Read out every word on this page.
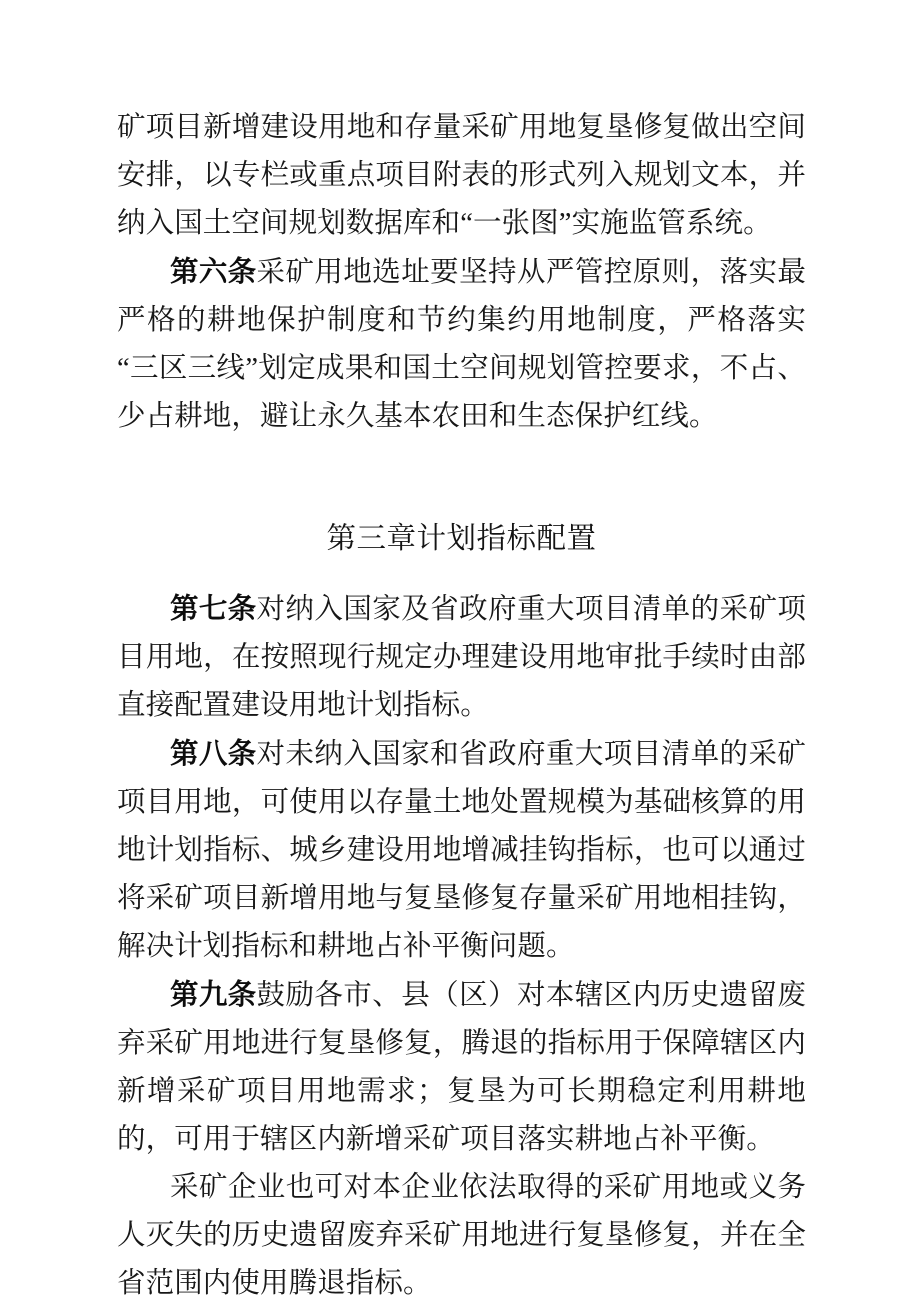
矿项目新增建设用地和存量采矿用地复垦修复做出空间安排，以专栏或重点项目附表的形式列入规划文本，并纳入国土空间规划数据库和“一张图”实施监管系统。

第六条采矿用地选址要坚持从严管控原则，落实最严格的耕地保护制度和节约集约用地制度，严格落实“三区三线”划定成果和国土空间规划管控要求，不占、少占耕地，避让永久基本农田和生态保护红线。

第三章计划指标配置

第七条对纳入国家及省政府重大项目清单的采矿项目用地，在按照现行规定办理建设用地审批手续时由部直接配置建设用地计划指标。

第八条对未纳入国家和省政府重大项目清单的采矿项目用地，可使用以存量土地处置规模为基础核算的用地计划指标、城乡建设用地增减挂钩指标，也可以通过将采矿项目新增用地与复垦修复存量采矿用地相挂钩，解决计划指标和耕地占补平衡问题。

第九条鼓励各市、县（区）对本辖区内历史遗留废弃采矿用地进行复垦修复，腾退的指标用于保障辖区内新增采矿项目用地需求；复垦为可长期稳定利用耕地的，可用于辖区内新增采矿项目落实耕地占补平衡。

采矿企业也可对本企业依法取得的采矿用地或义务人灭失的历史遗留废弃采矿用地进行复垦修复，并在全省范围内使用腾退指标。
